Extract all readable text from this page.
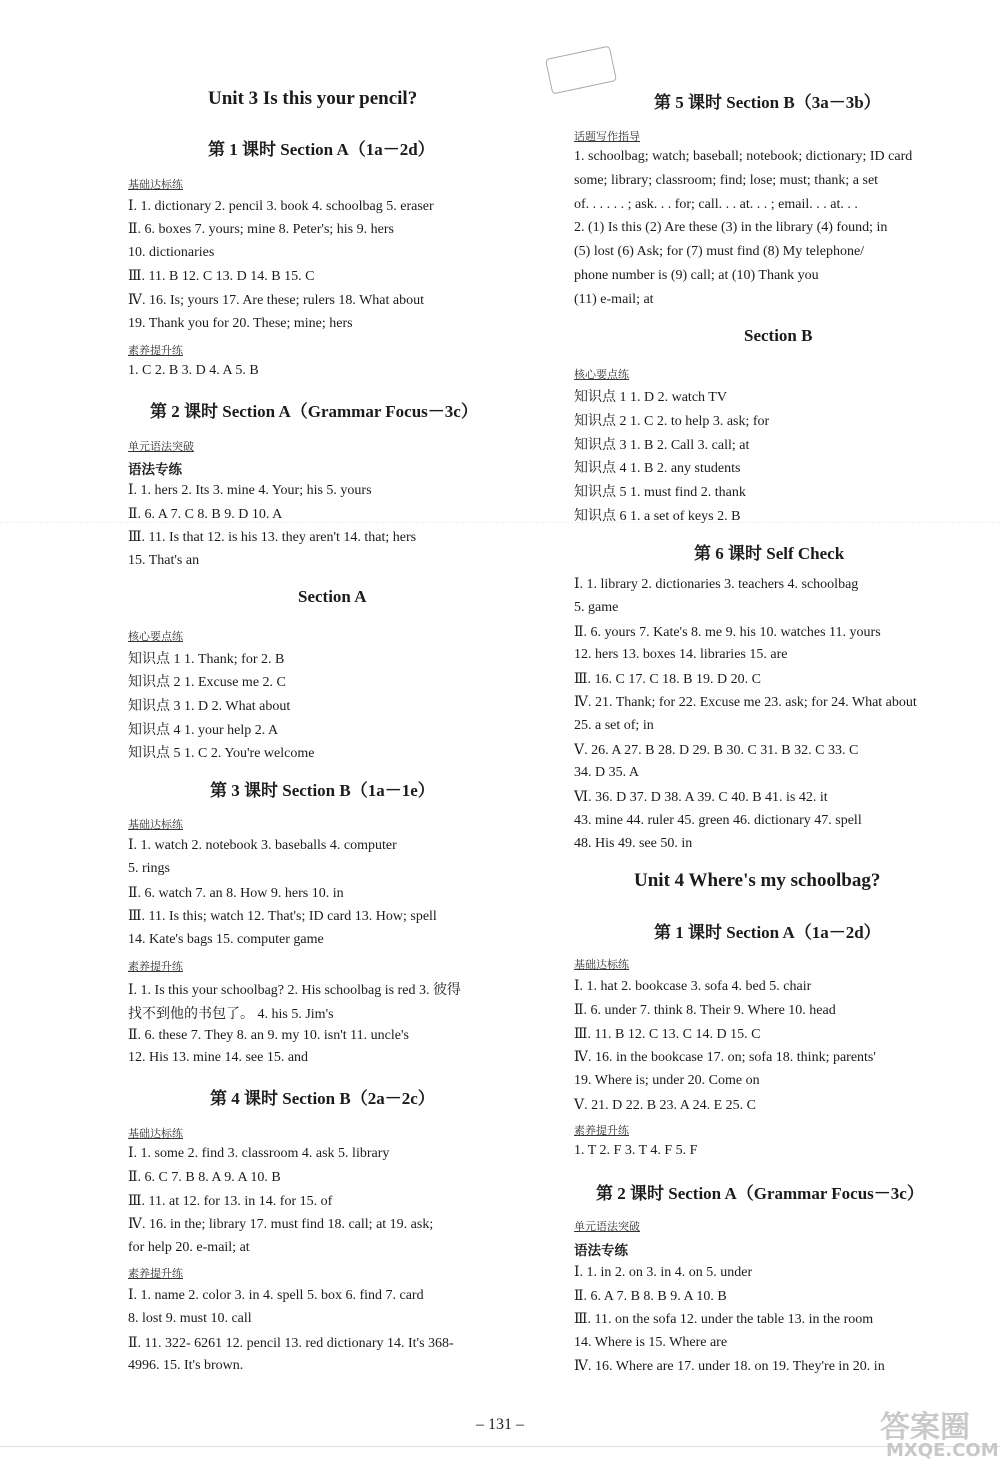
Unit 3 Is this your pencil?
第 1 课时 Section A（1a－2d）
基础达标练
Ⅰ. 1. dictionary 2. pencil 3. book 4. schoolbag 5. eraser
Ⅱ. 6. boxes 7. yours; mine 8. Peter's; his 9. hers
10. dictionaries
Ⅲ. 11. B 12. C 13. D 14. B 15. C
Ⅳ. 16. Is; yours 17. Are these; rulers 18. What about
19. Thank you for 20. These; mine; hers
素养提升练
1. C 2. B 3. D 4. A 5. B
第 2 课时 Section A（Grammar Focus－3c）
单元语法突破
语法专练
Ⅰ. 1. hers 2. Its 3. mine 4. Your; his 5. yours
Ⅱ. 6. A 7. C 8. B 9. D 10. A
Ⅲ. 11. Is that 12. is his 13. they aren't 14. that; hers
15. That's an
Section A
核心要点练
知识点 1 1. Thank; for 2. B
知识点 2 1. Excuse me 2. C
知识点 3 1. D 2. What about
知识点 4 1. your help 2. A
知识点 5 1. C 2. You're welcome
第 3 课时 Section B（1a－1e）
基础达标练
Ⅰ. 1. watch 2. notebook 3. baseballs 4. computer
5. rings
Ⅱ. 6. watch 7. an 8. How 9. hers 10. in
Ⅲ. 11. Is this; watch 12. That's; ID card 13. How; spell
14. Kate's bags 15. computer game
素养提升练
Ⅰ. 1. Is this your schoolbag? 2. His schoolbag is red 3. 彼得
找不到他的书包了。 4. his 5. Jim's
Ⅱ. 6. these 7. They 8. an 9. my 10. isn't 11. uncle's
12. His 13. mine 14. see 15. and
第 4 课时 Section B（2a－2c）
基础达标练
Ⅰ. 1. some 2. find 3. classroom 4. ask 5. library
Ⅱ. 6. C 7. B 8. A 9. A 10. B
Ⅲ. 11. at 12. for 13. in 14. for 15. of
Ⅳ. 16. in the; library 17. must find 18. call; at 19. ask;
for help 20. e-mail; at
素养提升练
Ⅰ. 1. name 2. color 3. in 4. spell 5. box 6. find 7. card
8. lost 9. must 10. call
Ⅱ. 11. 322- 6261 12. pencil 13. red dictionary 14. It's 368-
4996. 15. It's brown.
第 5 课时 Section B（3a－3b）
话题写作指导
1. schoolbag; watch; baseball; notebook; dictionary; ID card
some; library; classroom; find; lose; must; thank; a set
of. . . . . . ; ask. . . for; call. . . at. . . ; email. . . at. . .
2. (1) Is this (2) Are these (3) in the library (4) found; in
(5) lost (6) Ask; for (7) must find (8) My telephone/
phone number is (9) call; at (10) Thank you
(11) e-mail; at
Section B
核心要点练
知识点 1 1. D 2. watch TV
知识点 2 1. C 2. to help 3. ask; for
知识点 3 1. B 2. Call 3. call; at
知识点 4 1. B 2. any students
知识点 5 1. must find 2. thank
知识点 6 1. a set of keys 2. B
第 6 课时 Self Check
Ⅰ. 1. library 2. dictionaries 3. teachers 4. schoolbag
5. game
Ⅱ. 6. yours 7. Kate's 8. me 9. his 10. watches 11. yours
12. hers 13. boxes 14. libraries 15. are
Ⅲ. 16. C 17. C 18. B 19. D 20. C
Ⅳ. 21. Thank; for 22. Excuse me 23. ask; for 24. What about
25. a set of; in
Ⅴ. 26. A 27. B 28. D 29. B 30. C 31. B 32. C 33. C
34. D 35. A
Ⅵ. 36. D 37. D 38. A 39. C 40. B 41. is 42. it
43. mine 44. ruler 45. green 46. dictionary 47. spell
48. His 49. see 50. in
Unit 4 Where's my schoolbag?
第 1 课时 Section A（1a－2d）
基础达标练
Ⅰ. 1. hat 2. bookcase 3. sofa 4. bed 5. chair
Ⅱ. 6. under 7. think 8. Their 9. Where 10. head
Ⅲ. 11. B 12. C 13. C 14. D 15. C
Ⅳ. 16. in the bookcase 17. on; sofa 18. think; parents'
19. Where is; under 20. Come on
Ⅴ. 21. D 22. B 23. A 24. E 25. C
素养提升练
1. T 2. F 3. T 4. F 5. F
第 2 课时 Section A（Grammar Focus－3c）
单元语法突破
语法专练
Ⅰ. 1. in 2. on 3. in 4. on 5. under
Ⅱ. 6. A 7. B 8. B 9. A 10. B
Ⅲ. 11. on the sofa 12. under the table 13. in the room
14. Where is 15. Where are
Ⅳ. 16. Where are 17. under 18. on 19. They're in 20. in
– 131 –	答案圈
MXQE.COM
